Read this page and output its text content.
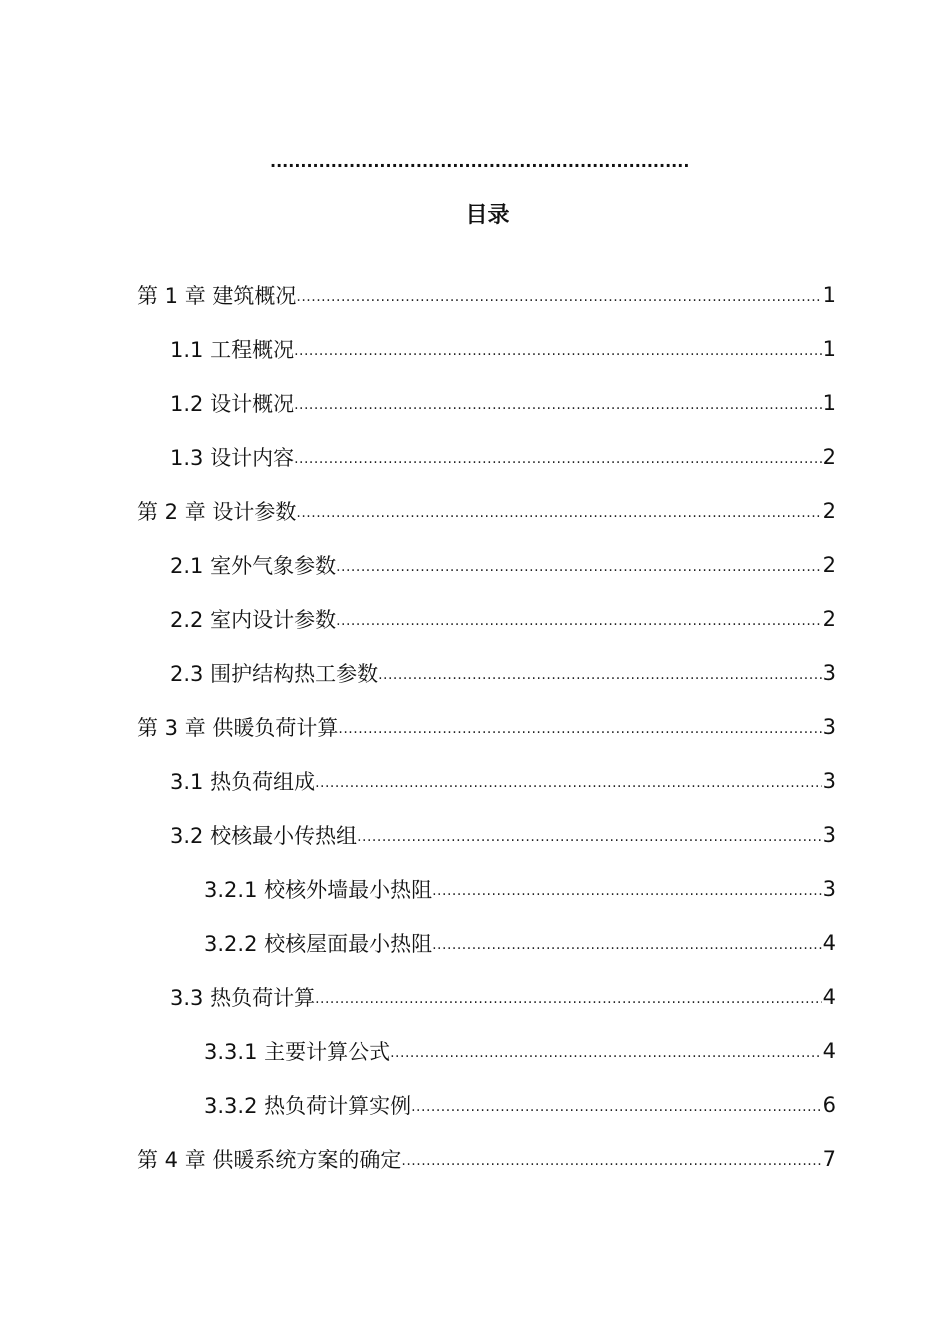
.....................................................................
目录
第 1 章 建筑概况 .....	1
1.1 工程概况 .....	1
1.2 设计概况 .....	1
1.3 设计内容 .....	2
第 2 章 设计参数 .....	2
2.1 室外气象参数 .....	2
2.2 室内设计参数 .....	2
2.3 围护结构热工参数 .....	3
第 3 章 供暖负荷计算 .....	3
3.1 热负荷组成 .....	3
3.2 校核最小传热组 .....	3
3.2.1 校核外墙最小热阻 .....	3
3.2.2 校核屋面最小热阻 .....	4
3.3 热负荷计算 .....	4
3.3.1 主要计算公式 .....	4
3.3.2 热负荷计算实例 .....	6
第 4 章 供暖系统方案的确定 .....	7
